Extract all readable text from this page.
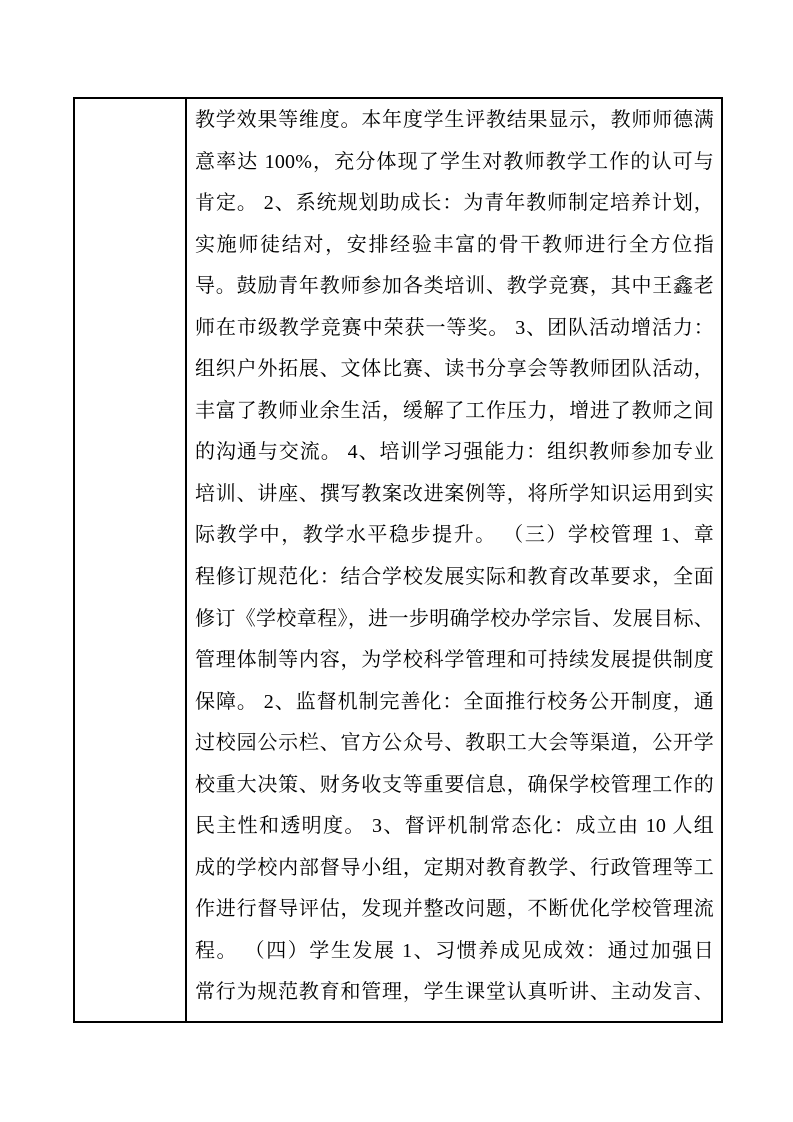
教学效果等维度。本年度学生评教结果显示，教师师德满
意率达 100%，充分体现了学生对教师教学工作的认可与
肯定。 2、系统规划助成长：为青年教师制定培养计划，
实施师徒结对，安排经验丰富的骨干教师进行全方位指
导。鼓励青年教师参加各类培训、教学竞赛，其中王鑫老
师在市级教学竞赛中荣获一等奖。 3、团队活动增活力：
组织户外拓展、文体比赛、读书分享会等教师团队活动，
丰富了教师业余生活，缓解了工作压力，增进了教师之间
的沟通与交流。 4、培训学习强能力：组织教师参加专业
培训、讲座、撰写教案改进案例等，将所学知识运用到实
际教学中，教学水平稳步提升。 （三）学校管理 1、章
程修订规范化：结合学校发展实际和教育改革要求，全面
修订《学校章程》，进一步明确学校办学宗旨、发展目标、
管理体制等内容，为学校科学管理和可持续发展提供制度
保障。 2、监督机制完善化：全面推行校务公开制度，通
过校园公示栏、官方公众号、教职工大会等渠道，公开学
校重大决策、财务收支等重要信息，确保学校管理工作的
民主性和透明度。 3、督评机制常态化：成立由 10 人组
成的学校内部督导小组，定期对教育教学、行政管理等工
作进行督导评估，发现并整改问题，不断优化学校管理流
程。 （四）学生发展 1、习惯养成见成效：通过加强日
常行为规范教育和管理，学生课堂认真听讲、主动发言、
